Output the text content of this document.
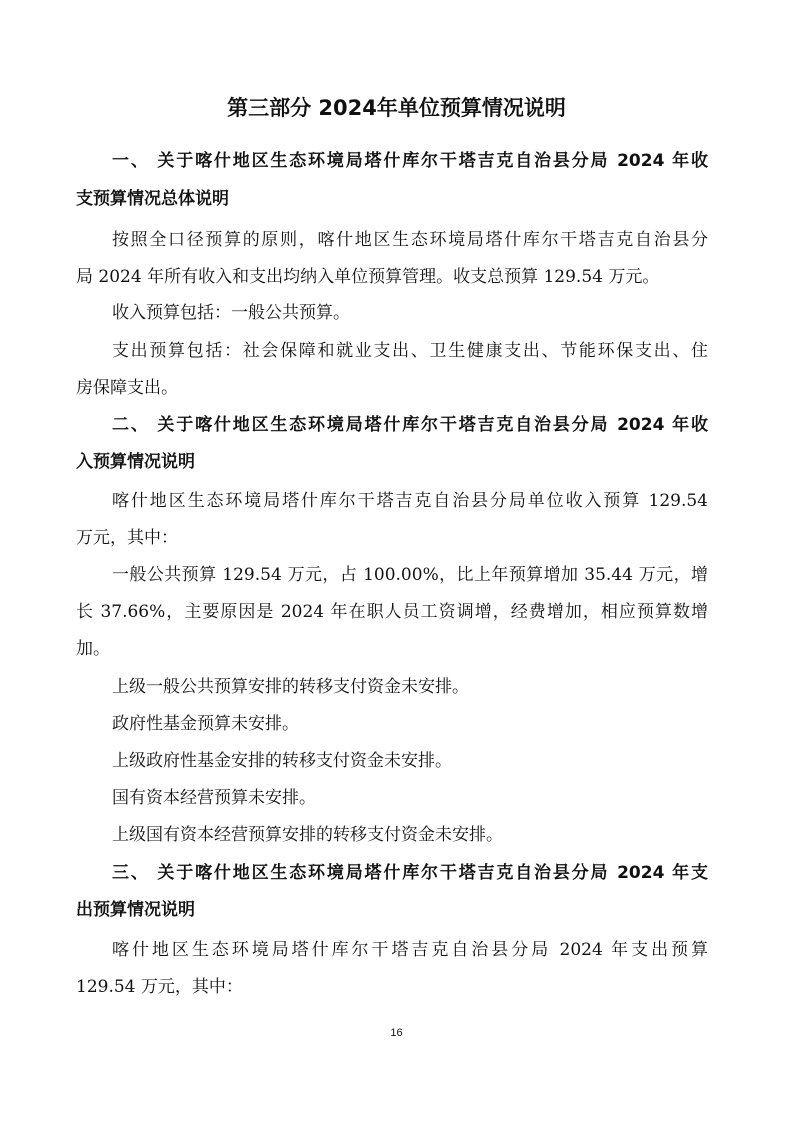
第三部分 2024年单位预算情况说明
一、 关于喀什地区生态环境局塔什库尔干塔吉克自治县分局 2024 年收
支预算情况总体说明
按照全口径预算的原则，喀什地区生态环境局塔什库尔干塔吉克自治县分
局 2024 年所有收入和支出均纳入单位预算管理。收支总预算 129.54 万元。
收入预算包括：一般公共预算。
支出预算包括：社会保障和就业支出、卫生健康支出、节能环保支出、住
房保障支出。
二、 关于喀什地区生态环境局塔什库尔干塔吉克自治县分局 2024 年收
入预算情况说明
喀什地区生态环境局塔什库尔干塔吉克自治县分局单位收入预算 129.54
万元，其中：
一般公共预算 129.54 万元，占 100.00%，比上年预算增加 35.44 万元，增
长 37.66%，主要原因是 2024 年在职人员工资调增，经费增加，相应预算数增
加。
上级一般公共预算安排的转移支付资金未安排。
政府性基金预算未安排。
上级政府性基金安排的转移支付资金未安排。
国有资本经营预算未安排。
上级国有资本经营预算安排的转移支付资金未安排。
三、 关于喀什地区生态环境局塔什库尔干塔吉克自治县分局 2024 年支
出预算情况说明
喀什地区生态环境局塔什库尔干塔吉克自治县分局 2024 年支出预算
129.54 万元，其中：
16
